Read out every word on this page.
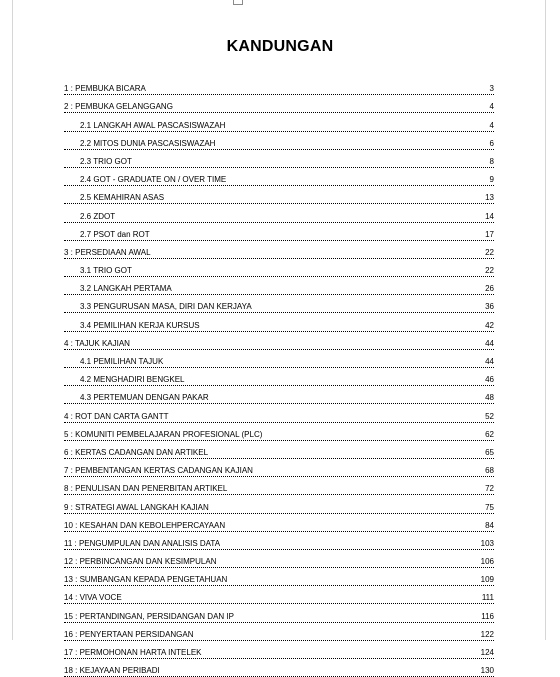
KANDUNGAN
1 : PEMBUKA BICARA	3
2 : PEMBUKA GELANGGANG	4
2.1 LANGKAH AWAL PASCASISWAZAH	4
2.2 MITOS DUNIA PASCASISWAZAH	6
2.3 TRIO GOT	8
2.4 GOT - GRADUATE ON / OVER TIME	9
2.5 KEMAHIRAN ASAS	13
2.6 ZDOT	14
2.7 PSOT dan ROT	17
3 : PERSEDIAAN AWAL	22
3.1 TRIO GOT	22
3.2 LANGKAH PERTAMA	26
3.3 PENGURUSAN MASA, DIRI DAN KERJAYA	36
3.4 PEMILIHAN KERJA KURSUS	42
4 : TAJUK KAJIAN	44
4.1 PEMILIHAN TAJUK	44
4.2 MENGHADIRI BENGKEL	46
4.3 PERTEMUAN DENGAN PAKAR	48
4 : ROT DAN CARTA GANTT	52
5 : KOMUNITI PEMBELAJARAN PROFESIONAL (PLC)	62
6 : KERTAS CADANGAN DAN ARTIKEL	65
7 : PEMBENTANGAN KERTAS CADANGAN KAJIAN	68
8 : PENULISAN DAN PENERBITAN ARTIKEL	72
9 : STRATEGI AWAL LANGKAH KAJIAN	75
10 : KESAHAN DAN KEBOLEHPERCAYAAN	84
11 : PENGUMPULAN DAN ANALISIS DATA	103
12 : PERBINCANGAN DAN KESIMPULAN	106
13 : SUMBANGAN KEPADA PENGETAHUAN	109
14 : VIVA VOCE	111
15 : PERTANDINGAN, PERSIDANGAN DAN IP	116
16 : PENYERTAAN PERSIDANGAN	122
17 : PERMOHONAN HARTA INTELEK	124
18 : KEJAYAAN PERIBADI	130
